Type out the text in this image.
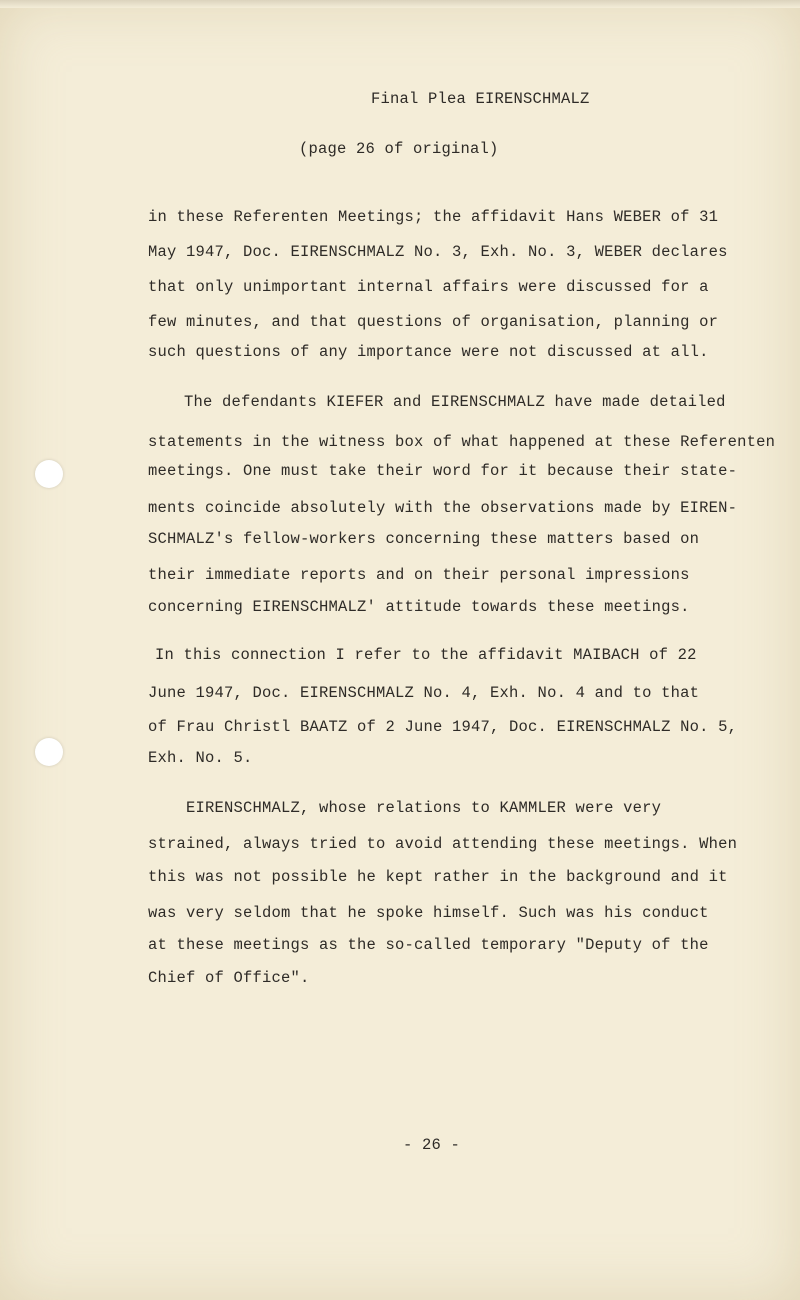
Final Plea EIRENSCHMALZ
(page 26 of original)
in these Referenten Meetings; the affidavit Hans WEBER of 31
May 1947, Doc. EIRENSCHMALZ No. 3, Exh. No. 3, WEBER declares
that only unimportant internal affairs were discussed for a
few minutes, and that questions of organisation, planning or
such questions of any importance were not discussed at all.
The defendants KIEFER and EIRENSCHMALZ have made detailed
statements in the witness box of what happened at these Referenten
meetings. One must take their word for it because their state-
ments coincide absolutely with the observations made by EIREN-
SCHMALZ's fellow-workers concerning these matters based on
their immediate reports and on their personal impressions
concerning EIRENSCHMALZ' attitude towards these meetings.
In this connection I refer to the affidavit MAIBACH of 22
June 1947, Doc. EIRENSCHMALZ No. 4, Exh. No. 4 and to that
of Frau Christl BAATZ of 2 June 1947, Doc. EIRENSCHMALZ No. 5,
Exh. No. 5.
EIRENSCHMALZ, whose relations to KAMMLER were very
strained, always tried to avoid attending these meetings. When
this was not possible he kept rather in the background and it
was very seldom that he spoke himself. Such was his conduct
at these meetings as the so-called temporary "Deputy of the
Chief of Office".
- 26 -
